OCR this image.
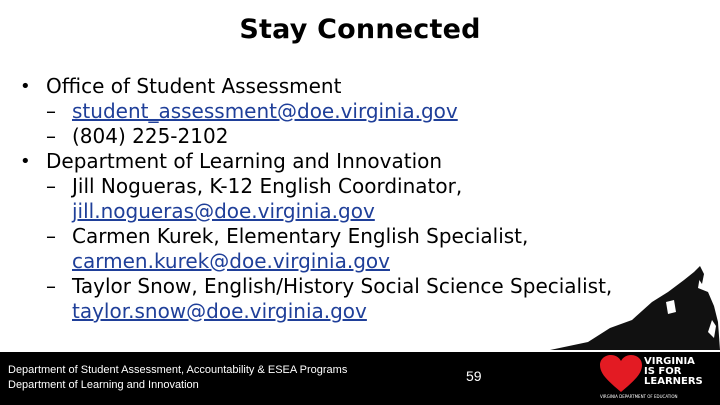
Stay Connected
• Office of Student Assessment
– student_assessment@doe.virginia.gov
– (804) 225-2102
• Department of Learning and Innovation
– Jill Nogueras, K-12 English Coordinator,
jill.nogueras@doe.virginia.gov
– Carmen Kurek, Elementary English Specialist,
carmen.kurek@doe.virginia.gov
– Taylor Snow, English/History Social Science Specialist,
taylor.snow@doe.virginia.gov
Department of Student Assessment, Accountability & ESEA Programs
Department of Learning and Innovation
59
VIRGINIA
IS FOR
LEARNERS
VIRGINIA DEPARTMENT OF EDUCATION
